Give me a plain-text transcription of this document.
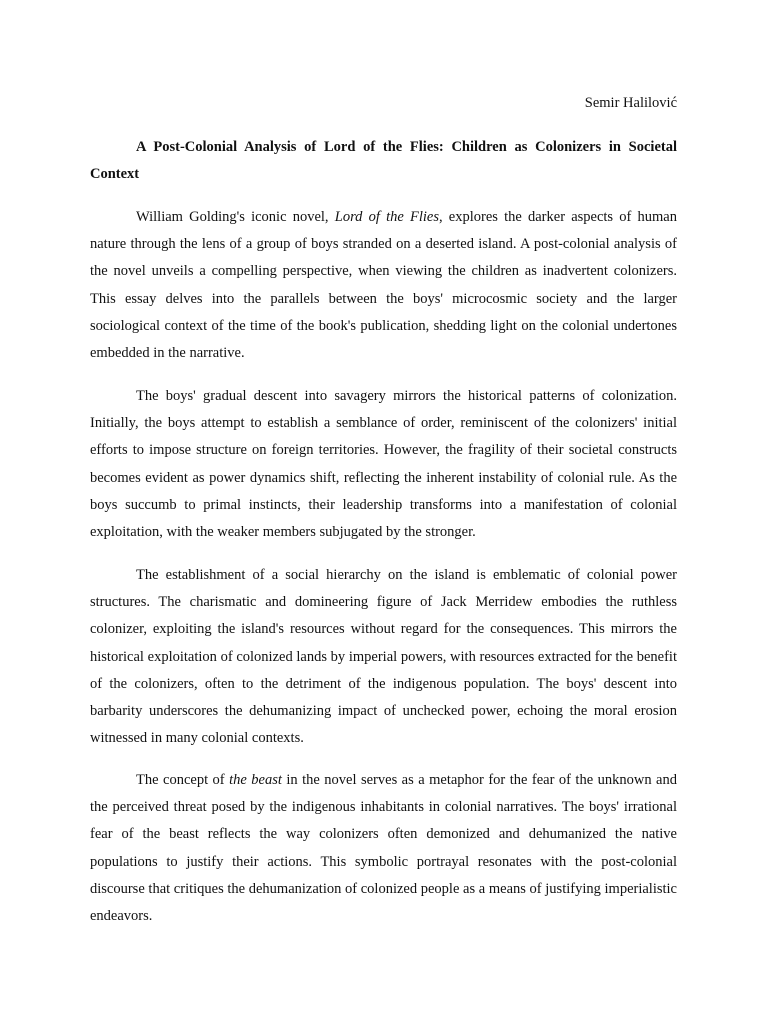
Semir Halilović

A Post-Colonial Analysis of Lord of the Flies: Children as Colonizers in Societal Context

William Golding's iconic novel, Lord of the Flies, explores the darker aspects of human nature through the lens of a group of boys stranded on a deserted island. A post-colonial analysis of the novel unveils a compelling perspective, when viewing the children as inadvertent colonizers. This essay delves into the parallels between the boys' microcosmic society and the larger sociological context of the time of the book's publication, shedding light on the colonial undertones embedded in the narrative.

The boys' gradual descent into savagery mirrors the historical patterns of colonization. Initially, the boys attempt to establish a semblance of order, reminiscent of the colonizers' initial efforts to impose structure on foreign territories. However, the fragility of their societal constructs becomes evident as power dynamics shift, reflecting the inherent instability of colonial rule. As the boys succumb to primal instincts, their leadership transforms into a manifestation of colonial exploitation, with the weaker members subjugated by the stronger.

The establishment of a social hierarchy on the island is emblematic of colonial power structures. The charismatic and domineering figure of Jack Merridew embodies the ruthless colonizer, exploiting the island's resources without regard for the consequences. This mirrors the historical exploitation of colonized lands by imperial powers, with resources extracted for the benefit of the colonizers, often to the detriment of the indigenous population. The boys' descent into barbarity underscores the dehumanizing impact of unchecked power, echoing the moral erosion witnessed in many colonial contexts.

The concept of the beast in the novel serves as a metaphor for the fear of the unknown and the perceived threat posed by the indigenous inhabitants in colonial narratives. The boys' irrational fear of the beast reflects the way colonizers often demonized and dehumanized the native populations to justify their actions. This symbolic portrayal resonates with the post-colonial discourse that critiques the dehumanization of colonized people as a means of justifying imperialistic endeavors.
